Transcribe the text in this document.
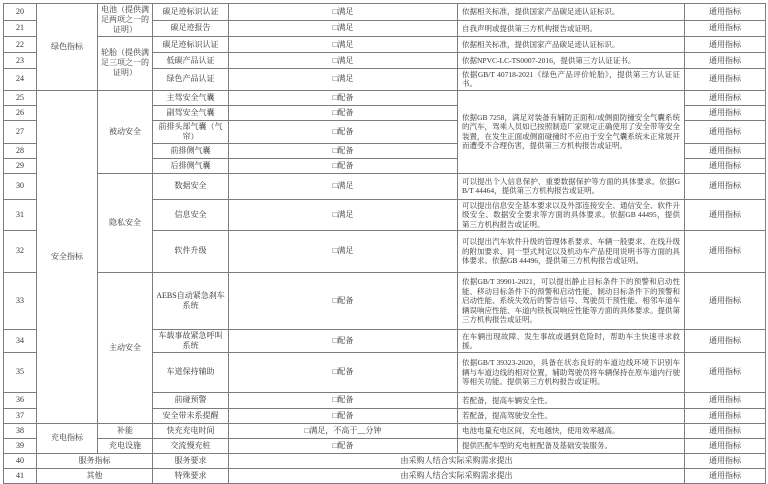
20	绿色指标	电池（提供满足两项之一的证明）	碳足迹标识认证	□满足	依据相关标准，提供国家产品碳足迹认证标识。	通用指标
21			碳足迹报告	□满足	自我声明或提供第三方机构报告或证明。	通用指标
22		轮胎（提供满足三项之一的证明）	碳足迹标识认证	□满足	依据相关标准，提供国家产品碳足迹认证标识。	通用指标
23			低碳产品认证	□满足	依据NPVC-LC-TS0007-2016，提供第三方认证证书。	通用指标
24			绿色产品认证	□满足	依据GB/T 40718-2021《绿色产品评价轮胎》，提供第三方认证证书。	通用指标
25	安全指标	被动安全	主驾安全气囊	□配备	依据GB 7258，满足对装备有辅防正面和/或侧面防撞安全气囊系统的汽车，驾乘人员如已按照制造厂家规定正确使用了安全带等安全装置，在发生正面或侧面碰撞时不应由于安全气囊系统未正常展开而遭受不合理伤害，提供第三方机构报告或证明。	通用指标
26			副驾安全气囊	□配备		通用指标
27			前排头部气囊（气帘）	□配备		通用指标
28			前排侧气囊	□配备		通用指标
29			后排侧气囊	□配备		通用指标
30		隐私安全	数据安全	□满足	可以提出个人信息保护、重要数据保护等方面的具体要求。依据GB/T 44464，提供第三方机构报告或证明。	通用指标
31			信息安全	□满足	可以提出信息安全基本要求以及外部连接安全、通信安全、软件升级安全、数据安全要求等方面的具体要求。依据GB 44495，提供第三方机构报告或证明。	通用指标
32			软件升级	□满足	可以提出汽车软件升级的管理体系要求、车辆一般要求、在线升级的附加要求、同一型式判定以及机动车产品使用说明书等方面的具体要求。依据GB 44496，提供第三方机构报告或证明。	通用指标
33		主动安全	AEBS自动紧急刹车系统	□配备	依据GB/T 39901-2021，可以提出静止目标条件下的预警和启动性能、移动目标条件下的预警和启动性能、制动目标条件下的预警和启动性能、系统失效后的警告信号、驾驶员干预性能、相邻车道车辆误响应性能、车道内铁板误响应性能等方面的具体要求。提供第三方机构报告或证明。	通用指标
34			车载事故紧急呼叫系统	□配备	在车辆出现故障、发生事故或遇到危险时，帮助车主快速寻求救援。	通用指标
35			车道保持辅助	□配备	依据GB/T 39323-2020，具备在状态良好的车道边线环境下识别车辆与车道边线的相对位置，辅助驾驶员将车辆保持在原车道内行驶等相关功能。提供第三方机构报告或证明。	通用指标
36			前碰预警	□配备	若配备，提高车辆安全性。	通用指标
37			安全带未系提醒	□配备	若配备，提高驾驶安全性。	通用指标
38	充电指标	补能	快充充电时间	□满足，不高于__分钟	电池电量充电区间，充电越快，使用效率越高。	通用指标
39		充电设施	交流慢充桩	□配备	提供匹配车型的充电桩配备及基础安装服务。	通用指标
40	服务指标		服务要求	由采购人结合实际采购需求提出		通用指标
41	其他		特殊要求	由采购人结合实际采购需求提出		通用指标
